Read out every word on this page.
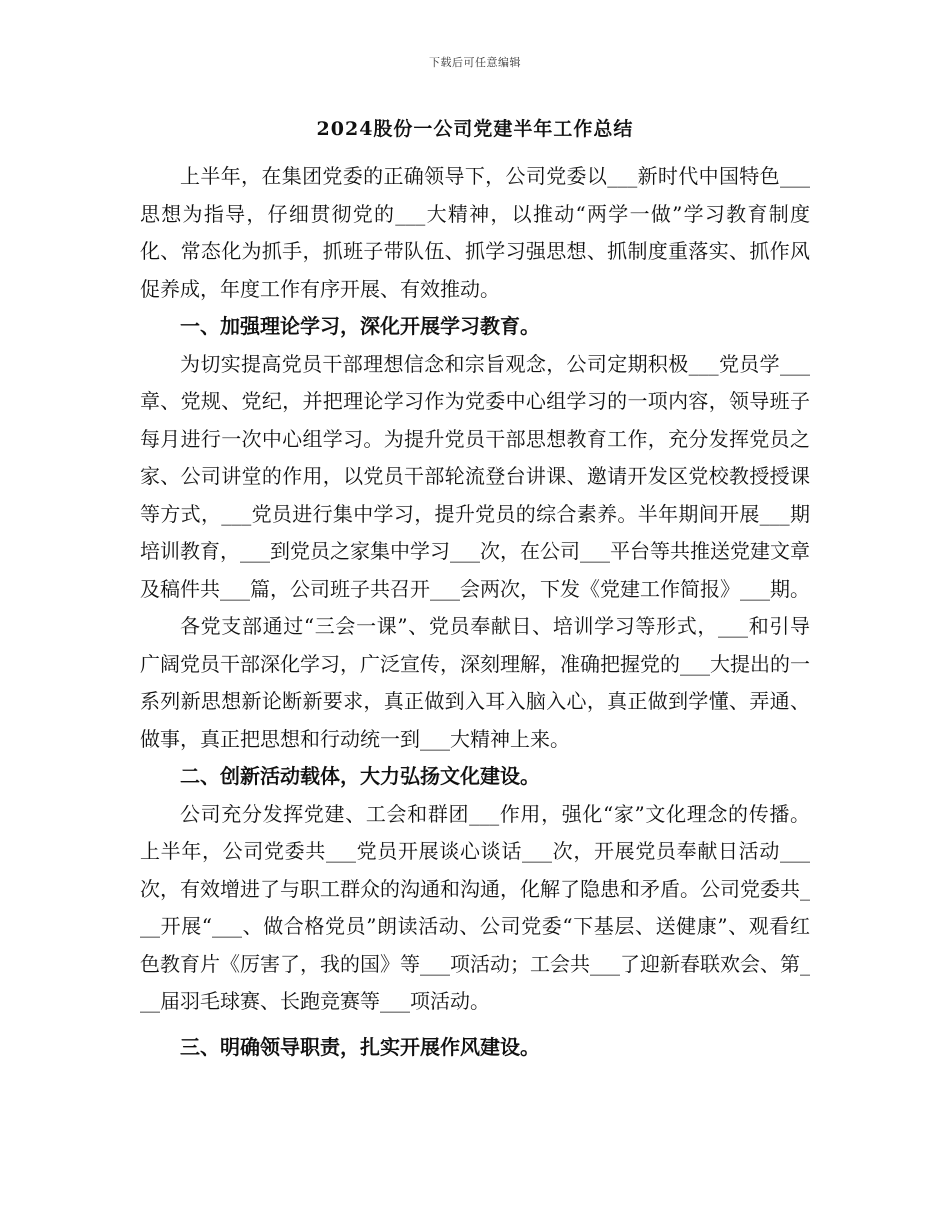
下载后可任意编辑
2024股份一公司党建半年工作总结

上半年，在集团党委的正确领导下，公司党委以___新时代中国特色___思想为指导，仔细贯彻党的___大精神，以推动“两学一做”学习教育制度化、常态化为抓手，抓班子带队伍、抓学习强思想、抓制度重落实、抓作风促养成，年度工作有序开展、有效推动。

一、加强理论学习，深化开展学习教育。

为切实提高党员干部理想信念和宗旨观念，公司定期积极___党员学___章、党规、党纪，并把理论学习作为党委中心组学习的一项内容，领导班子每月进行一次中心组学习。为提升党员干部思想教育工作，充分发挥党员之家、公司讲堂的作用，以党员干部轮流登台讲课、邀请开发区党校教授授课等方式，___党员进行集中学习，提升党员的综合素养。半年期间开展___期培训教育，___到党员之家集中学习___次，在公司___平台等共推送党建文章及稿件共___篇，公司班子共召开___会两次，下发《党建工作简报》___期。

各党支部通过“三会一课”、党员奉献日、培训学习等形式，___和引导广阔党员干部深化学习，广泛宣传，深刻理解，准确把握党的___大提出的一系列新思想新论断新要求，真正做到入耳入脑入心，真正做到学懂、弄通、做事，真正把思想和行动统一到___大精神上来。

二、创新活动载体，大力弘扬文化建设。

公司充分发挥党建、工会和群团___作用，强化“家”文化理念的传播。上半年，公司党委共___党员开展谈心谈话___次，开展党员奉献日活动___次，有效增进了与职工群众的沟通和沟通，化解了隐患和矛盾。公司党委共___开展“___、做合格党员”朗读活动、公司党委“下基层、送健康”、观看红色教育片《厉害了，我的国》等___项活动；工会共___了迎新春联欢会、第___届羽毛球赛、长跑竞赛等___项活动。

三、明确领导职责，扎实开展作风建设。
